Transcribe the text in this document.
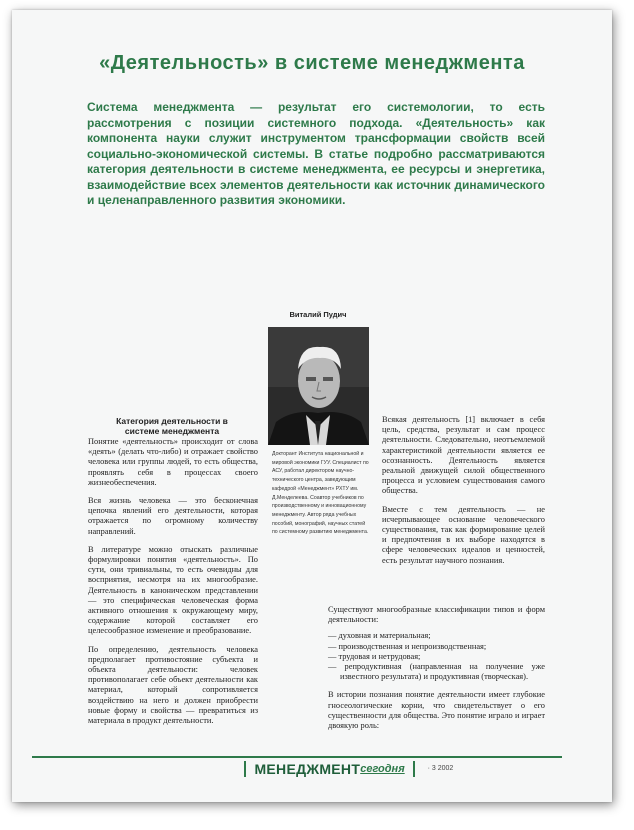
«Деятельность» в системе менеджмента

Система менеджмента — результат его системологии, то есть рассмотрения с позиции системного подхода. «Деятельность» как компонента науки служит инструментом трансформации свойств всей социально-экономической системы. В статье подробно рассматриваются категория деятельности в системе менеджмента, ее ресурсы и энергетика, взаимодействие всех элементов деятельности как источник динамического и целенаправленного развития экономики.

Виталий Пудич

Докторант Института национальной и мировой экономики ГУУ. Специалист по АСУ, работал директором научно-технического центра, заведующим кафедрой «Менеджмент» РХТУ им. Д.Менделеева. Соавтор учебников по производственному и инновационному менеджменту. Автор ряда учебных пособий, монографий, научных статей по системному развитию менеджмента.

Категория деятельности в системе менеджмента

Понятие «деятельность» происходит от слова «деять» (делать что-либо) и отражает свойство человека или группы людей, то есть общества, проявлять себя в процессах своего жизнеобеспечения.

Вся жизнь человека — это бесконечная цепочка явлений его деятельности, которая отражается по огромному количеству направлений.

В литературе можно отыскать различные формулировки понятия «деятельность». По сути, они тривиальны, то есть очевидны для восприятия, несмотря на их многообразие. Деятельность в каноническом представлении — это специфическая человеческая форма активного отношения к окружающему миру, содержание которой составляет его целесообразное изменение и преобразование.

По определению, деятельность человека предполагает противостояние субъекта и объекта деятельности: человек противополагает себе объект деятельности как материал, который сопротивляется воздействию на него и должен приобрести новые форму и свойства — превратиться из материала в продукт деятельности.

Всякая деятельность [1] включает в себя цель, средства, результат и сам процесс деятельности. Следовательно, неотъемлемой характеристикой деятельности является ее осознанность. Деятельность является реальной движущей силой общественного процесса и условием существования самого общества.

Вместе с тем деятельность — не исчерпывающее основание человеческого существования, так как формирование целей и предпочтения в их выборе находятся в сфере человеческих идеалов и ценностей, есть результат научного познания.

Существуют многообразные классификации типов и форм деятельности:

— духовная и материальная;
— производственная и непроизводственная;
— трудовая и нетрудовая;
— репродуктивная (направленная на получение уже известного результата) и продуктивная (творческая).

В истории познания понятие деятельности имеет глубокие гносеологические корни, что свидетельствует о его существенности для общества. Это понятие играло и играет двоякую роль:

МЕНЕДЖМЕНТсегодня	· 3 2002
